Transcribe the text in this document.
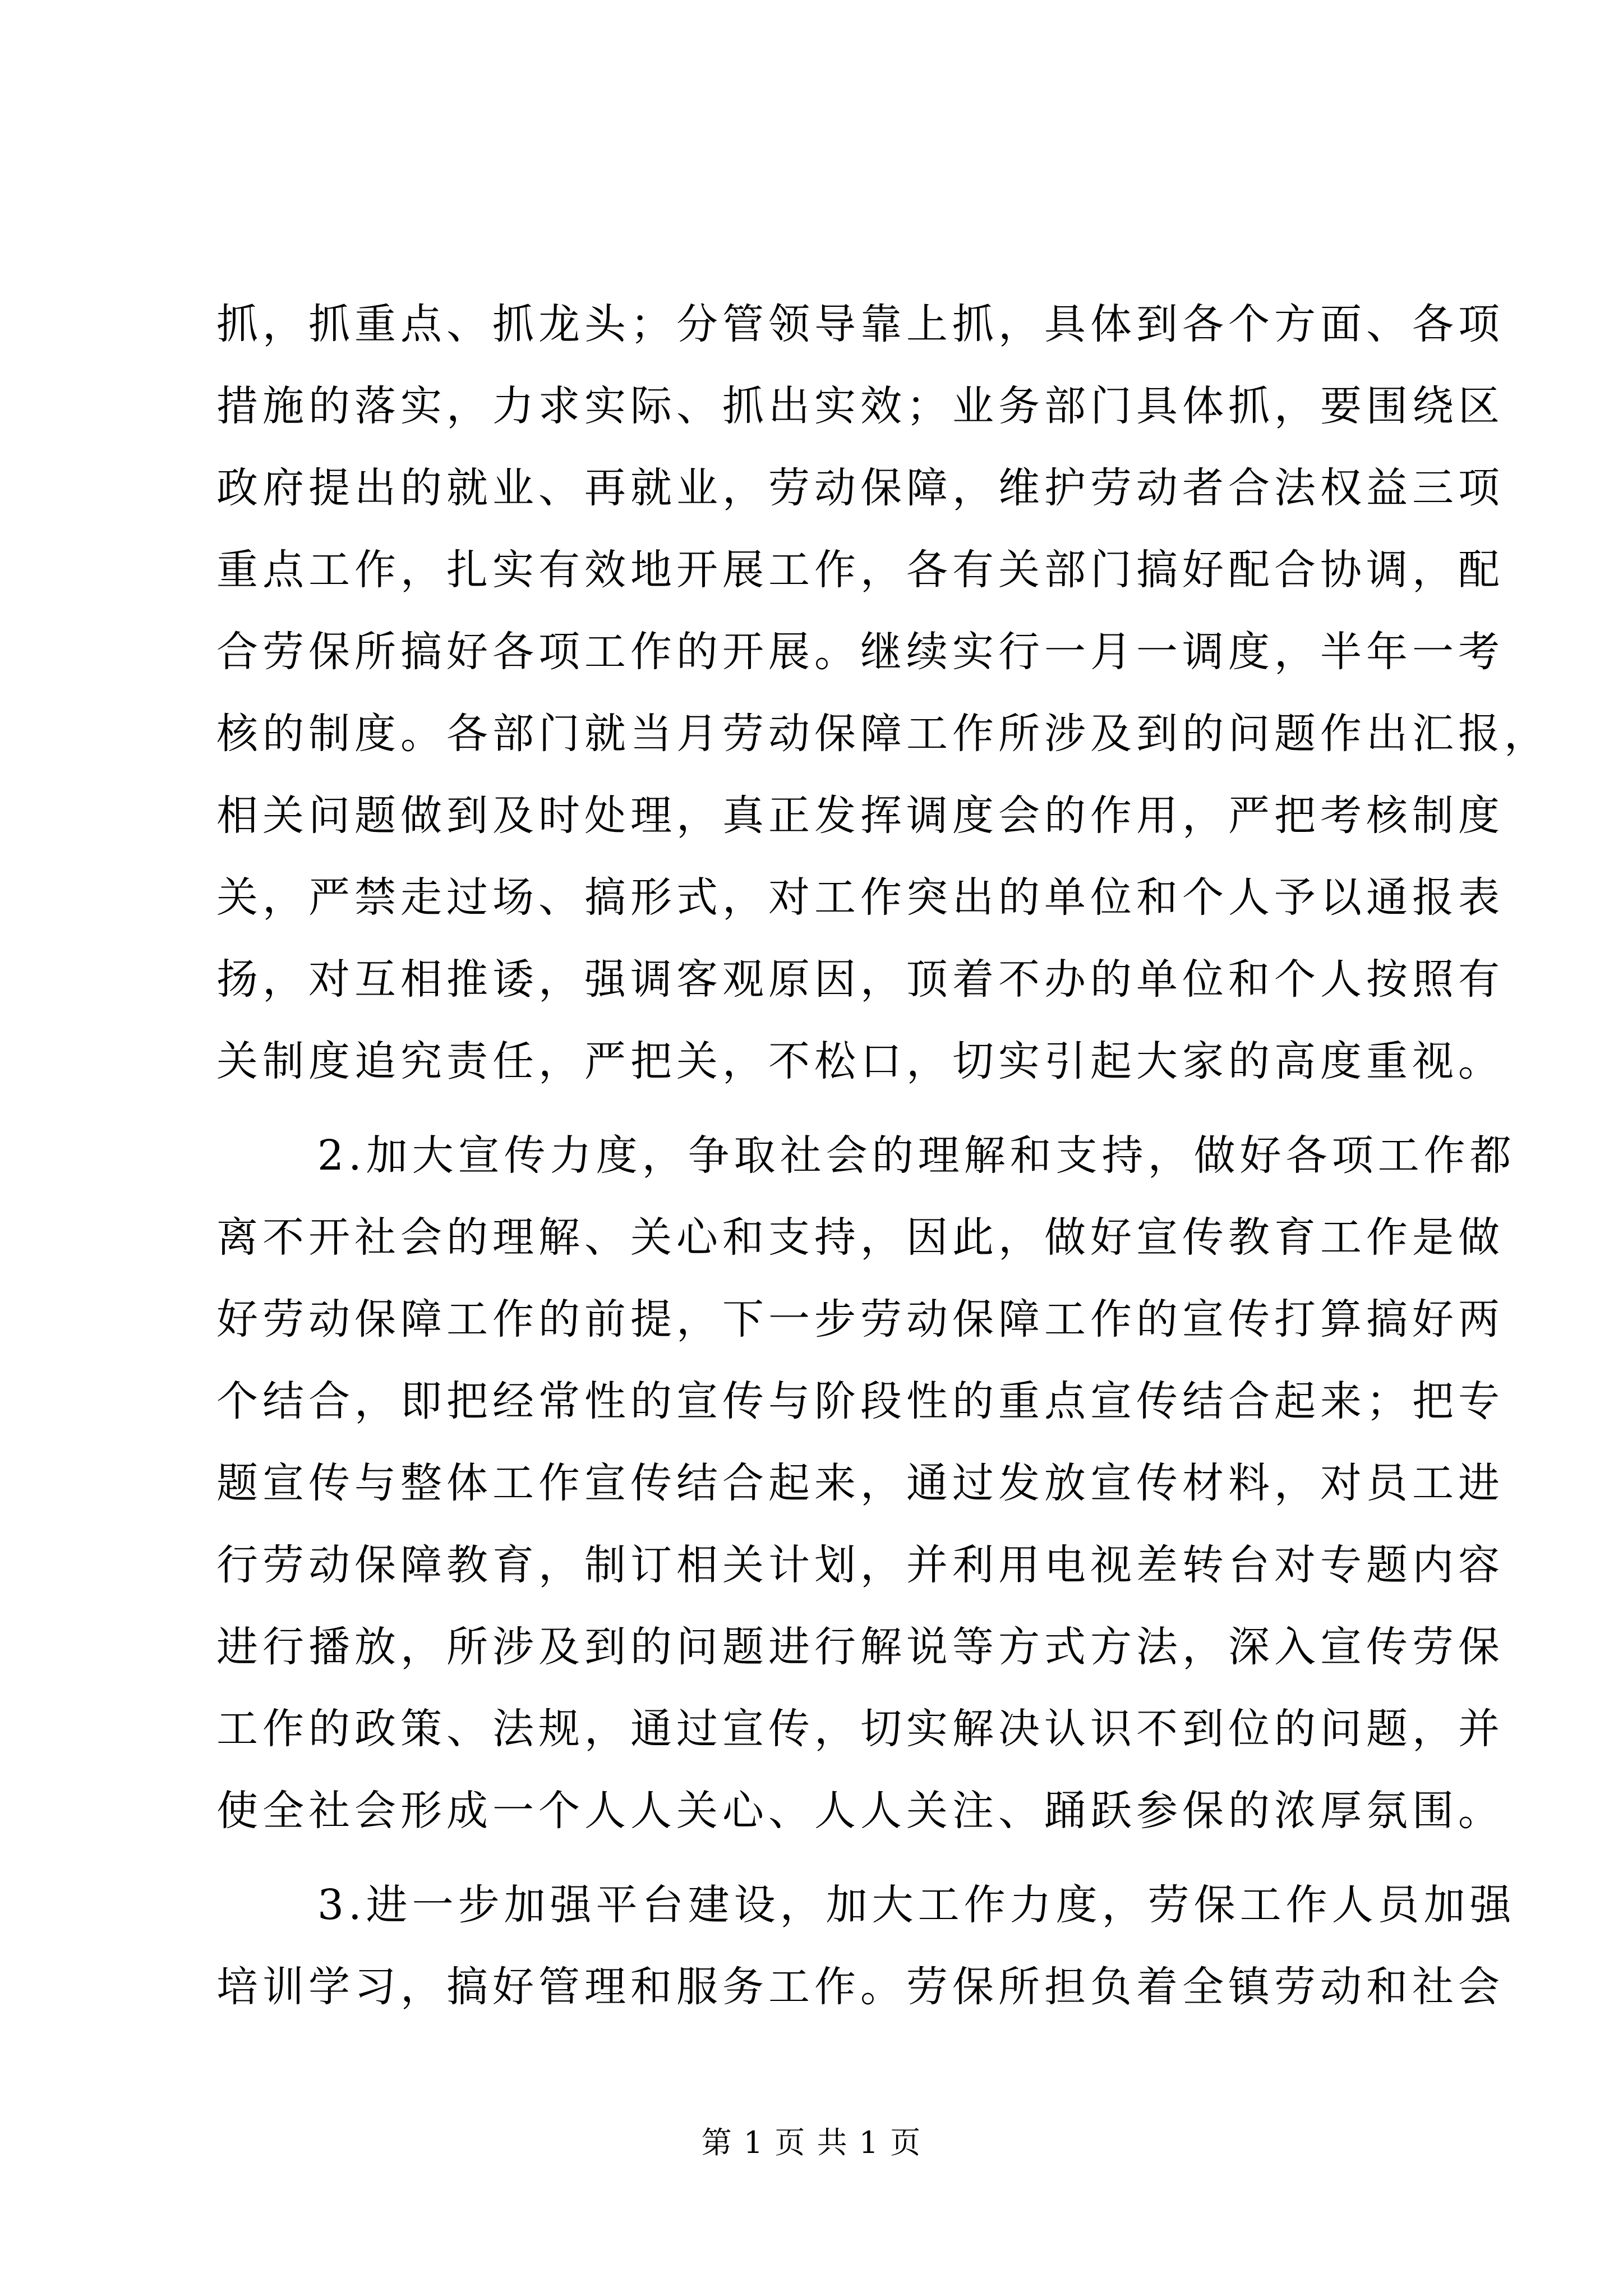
抓，抓重点、抓龙头；分管领导靠上抓，具体到各个方面、各项
措施的落实，力求实际、抓出实效；业务部门具体抓，要围绕区
政府提出的就业、再就业，劳动保障，维护劳动者合法权益三项
重点工作，扎实有效地开展工作，各有关部门搞好配合协调，配
合劳保所搞好各项工作的开展。继续实行一月一调度，半年一考
核的制度。各部门就当月劳动保障工作所涉及到的问题作出汇报，
相关问题做到及时处理，真正发挥调度会的作用，严把考核制度
关，严禁走过场、搞形式，对工作突出的单位和个人予以通报表
扬，对互相推诿，强调客观原因，顶着不办的单位和个人按照有
关制度追究责任，严把关，不松口，切实引起大家的高度重视。
2.加大宣传力度，争取社会的理解和支持，做好各项工作都
离不开社会的理解、关心和支持，因此，做好宣传教育工作是做
好劳动保障工作的前提，下一步劳动保障工作的宣传打算搞好两
个结合，即把经常性的宣传与阶段性的重点宣传结合起来；把专
题宣传与整体工作宣传结合起来，通过发放宣传材料，对员工进
行劳动保障教育，制订相关计划，并利用电视差转台对专题内容
进行播放，所涉及到的问题进行解说等方式方法，深入宣传劳保
工作的政策、法规，通过宣传，切实解决认识不到位的问题，并
使全社会形成一个人人关心、人人关注、踊跃参保的浓厚氛围。
3.进一步加强平台建设，加大工作力度，劳保工作人员加强
培训学习，搞好管理和服务工作。劳保所担负着全镇劳动和社会
第 1 页 共 1 页
